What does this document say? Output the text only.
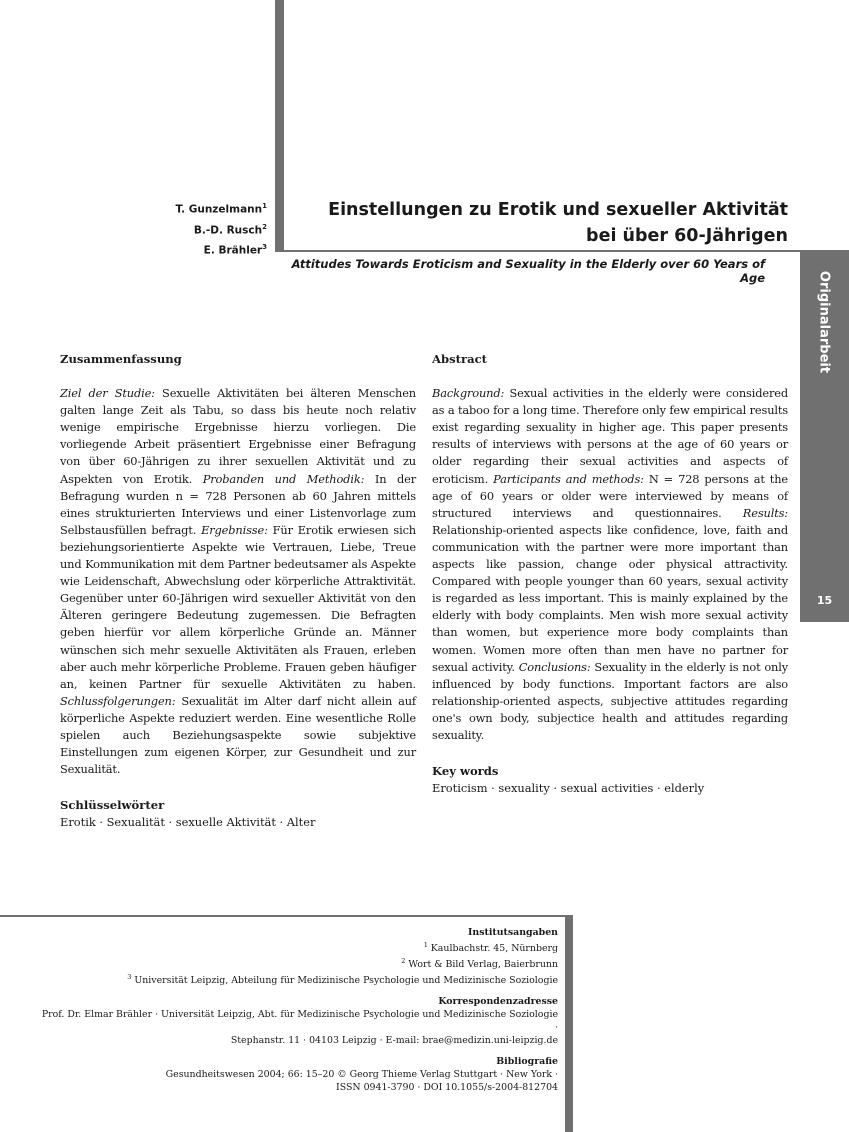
Originalarbeit
15
T. Gunzelmann$^1$
B.-D. Rusch$^2$
E. Brähler$^3$
Einstellungen zu Erotik und sexueller Aktivität
bei über 60-Jährigen
Attitudes Towards Eroticism and Sexuality in the Elderly over 60 Years of Age
Zusammenfassung

Ziel der Studie: Sexuelle Aktivitäten bei älteren Menschen galten lange Zeit als Tabu, so dass bis heute noch relativ wenige empirische Ergebnisse hierzu vorliegen. Die vorliegende Arbeit präsentiert Ergebnisse einer Befragung von über 60-Jährigen zu ihrer sexuellen Aktivität und zu Aspekten von Erotik. Probanden und Methodik: In der Befragung wurden n = 728 Personen ab 60 Jahren mittels eines strukturierten Interviews und einer Listenvorlage zum Selbstausfüllen befragt. Ergebnisse: Für Erotik erwiesen sich beziehungsorientierte Aspekte wie Vertrauen, Liebe, Treue und Kommunikation mit dem Partner bedeutsamer als Aspekte wie Leidenschaft, Abwechslung oder körperliche Attraktivität. Gegenüber unter 60-Jährigen wird sexueller Aktivität von den Älteren geringere Bedeutung zugemessen. Die Befragten geben hierfür vor allem körperliche Gründe an. Männer wünschen sich mehr sexuelle Aktivitäten als Frauen, erleben aber auch mehr körperliche Probleme. Frauen geben häufiger an, keinen Partner für sexuelle Aktivitäten zu haben. Schlussfolgerungen: Sexualität im Alter darf nicht allein auf körperliche Aspekte reduziert werden. Eine wesentliche Rolle spielen auch Beziehungsaspekte sowie subjektive Einstellungen zum eigenen Körper, zur Gesundheit und zur Sexualität.

Schlüsselwörter

Erotik · Sexualität · sexuelle Aktivität · Alter

Abstract

Background: Sexual activities in the elderly were considered as a taboo for a long time. Therefore only few empirical results exist regarding sexuality in higher age. This paper presents results of interviews with persons at the age of 60 years or older regarding their sexual activities and aspects of eroticism. Participants and methods: N = 728 persons at the age of 60 years or older were interviewed by means of structured interviews and questionnaires. Results: Relationship-oriented aspects like confidence, love, faith and communication with the partner were more important than aspects like passion, change oder physical attractivity. Compared with people younger than 60 years, sexual activity is regarded as less important. This is mainly explained by the elderly with body complaints. Men wish more sexual activity than women, but experience more body complaints than women. Women more often than men have no partner for sexual activity. Conclusions: Sexuality in the elderly is not only influenced by body functions. Important factors are also relationship-oriented aspects, subjective attitudes regarding one's own body, subjectice health and attitudes regarding sexuality.

Key words

Eroticism · sexuality · sexual activities · elderly

Institutsangaben
$^1$ Kaulbachstr. 45, Nürnberg
$^2$ Wort & Bild Verlag, Baierbrunn
$^3$ Universität Leipzig, Abteilung für Medizinische Psychologie und Medizinische Soziologie
Korrespondenzadresse
Prof. Dr. Elmar Brähler · Universität Leipzig, Abt. für Medizinische Psychologie und Medizinische Soziologie ·
Stephanstr. 11 · 04103 Leipzig · E-mail: brae@medizin.uni-leipzig.de
Bibliografie
Gesundheitswesen 2004; 66: 15–20 © Georg Thieme Verlag Stuttgart · New York ·
ISSN 0941-3790 · DOI 10.1055/s-2004-812704
